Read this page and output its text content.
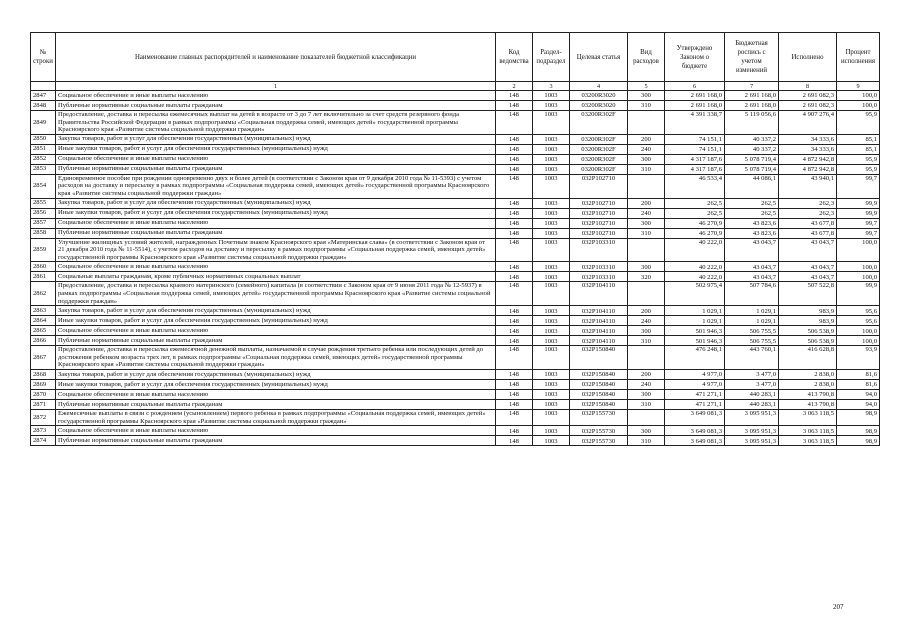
№ строки	Наименование главных распорядителей и наименование показателей бюджетной классификации	Код ведомства	Раздел-подраздел	Целевая статья	Вид расходов	Утверждено Законом о бюджете	Бюджетная роспись с учетом изменений	Исполнено	Процент исполнения
	1	2	3	4	5	6	7	8	9
2847	Социальное обеспечение и иные выплаты населению	148	1003	03200R3020	300	2 691 168,0	2 691 168,0	2 691 082,3	100,0
2848	Публичные нормативные социальные выплаты гражданам	148	1003	03200R3020	310	2 691 168,0	2 691 168,0	2 691 082,3	100,0
2849	Предоставление, доставка и пересылка ежемесячных выплат на детей в возрасте от 3 до 7 лет включительно за счет средств резервного фонда Правительства Российской Федерации в рамках подпрограммы «Социальная поддержка семей, имеющих детей» государственной программы Красноярского края «Развитие системы социальной поддержки граждан»	148	1003	03200R302F		4 391 338,7	5 119 056,6	4 907 276,4	95,9
2850	Закупка товаров, работ и услуг для обеспечения государственных (муниципальных) нужд	148	1003	03200R302F	200	74 151,1	40 337,2	34 333,6	85,1
2851	Иные закупки товаров, работ и услуг для обеспечения государственных (муниципальных) нужд	148	1003	03200R302F	240	74 151,1	40 337,2	34 333,6	85,1
2852	Социальное обеспечение и иные выплаты населению	148	1003	03200R302F	300	4 317 187,6	5 078 719,4	4 872 942,8	95,9
2853	Публичные нормативные социальные выплаты гражданам	148	1003	03200R302F	310	4 317 187,6	5 078 719,4	4 872 942,8	95,9
2854	Единовременное пособие при рождении одновременно двух и более детей (в соответствии с Законом края от 9 декабря 2010 года № 11-5393) с учетом расходов на доставку и пересылку в рамках подпрограммы «Социальная поддержка семей, имеющих детей» государственной программы Красноярского края «Развитие системы социальной поддержки граждан»	148	1003	032P102710		46 533,4	44 086,1	43 940,1	99,7
2855	Закупка товаров, работ и услуг для обеспечения государственных (муниципальных) нужд	148	1003	032P102710	200	262,5	262,5	262,3	99,9
2856	Иные закупки товаров, работ и услуг для обеспечения государственных (муниципальных) нужд	148	1003	032P102710	240	262,5	262,5	262,3	99,9
2857	Социальное обеспечение и иные выплаты населению	148	1003	032P102710	300	46 270,9	43 823,6	43 677,8	99,7
2858	Публичные нормативные социальные выплаты гражданам	148	1003	032P102710	310	46 270,9	43 823,6	43 677,8	99,7
2859	Улучшение жилищных условий жителей, награжденных Почетным знаком Красноярского края «Материнская слава» (в соответствии с Законом края от 21 декабря 2010 года № 11-5514), с учетом расходов на доставку и пересылку в рамках подпрограммы «Социальная поддержка семей, имеющих детей» государственной программы Красноярского края «Развитие системы социальной поддержки граждан»	148	1003	032P103310		40 222,0	43 043,7	43 043,7	100,0
2860	Социальное обеспечение и иные выплаты населению	148	1003	032P103310	300	40 222,0	43 043,7	43 043,7	100,0
2861	Социальные выплаты гражданам, кроме публичных нормативных социальных выплат	148	1003	032P103310	320	40 222,0	43 043,7	43 043,7	100,0
2862	Предоставление, доставка и пересылка краевого материнского (семейного) капитала (в соответствии с Законом края от 9 июня 2011 года № 12-5937) в рамках подпрограммы «Социальная поддержка семей, имеющих детей» государственной программы Красноярского края «Развитие системы социальной поддержки граждан»	148	1003	032P104110		502 975,4	507 784,6	507 522,8	99,9
2863	Закупка товаров, работ и услуг для обеспечения государственных (муниципальных) нужд	148	1003	032P104110	200	1 029,1	1 029,1	983,9	95,6
2864	Иные закупки товаров, работ и услуг для обеспечения государственных (муниципальных) нужд	148	1003	032P104110	240	1 029,1	1 029,1	983,9	95,6
2865	Социальное обеспечение и иные выплаты населению	148	1003	032P104110	300	501 946,3	506 755,5	506 538,9	100,0
2866	Публичные нормативные социальные выплаты гражданам	148	1003	032P104110	310	501 946,3	506 755,5	506 538,9	100,0
2867	Предоставление, доставка и пересылка ежемесячной денежной выплаты, назначаемой в случае рождения третьего ребенка или последующих детей до достижения ребенком возраста трех лет, в рамках подпрограммы «Социальная поддержка семей, имеющих детей» государственной программы Красноярского края «Развитие системы социальной поддержки граждан»	148	1003	032P150840		476 248,1	443 760,1	416 628,8	93,9
2868	Закупка товаров, работ и услуг для обеспечения государственных (муниципальных) нужд	148	1003	032P150840	200	4 977,0	3 477,0	2 838,0	81,6
2869	Иные закупки товаров, работ и услуг для обеспечения государственных (муниципальных) нужд	148	1003	032P150840	240	4 977,0	3 477,0	2 838,0	81,6
2870	Социальное обеспечение и иные выплаты населению	148	1003	032P150840	300	471 271,1	440 283,1	413 790,8	94,0
2871	Публичные нормативные социальные выплаты гражданам	148	1003	032P150840	310	471 271,1	440 283,1	413 790,8	94,0
2872	Ежемесячные выплаты в связи с рождением (усыновлением) первого ребенка в рамках подпрограммы «Социальная поддержка семей, имеющих детей» государственной программы Красноярского края «Развитие системы социальной поддержки граждан»	148	1003	032P155730		3 649 081,3	3 095 951,3	3 063 118,5	98,9
2873	Социальное обеспечение и иные выплаты населению	148	1003	032P155730	300	3 649 081,3	3 095 951,3	3 063 118,5	98,9
2874	Публичные нормативные социальные выплаты гражданам	148	1003	032P155730	310	3 649 081,3	3 095 951,3	3 063 118,5	98,9
207
